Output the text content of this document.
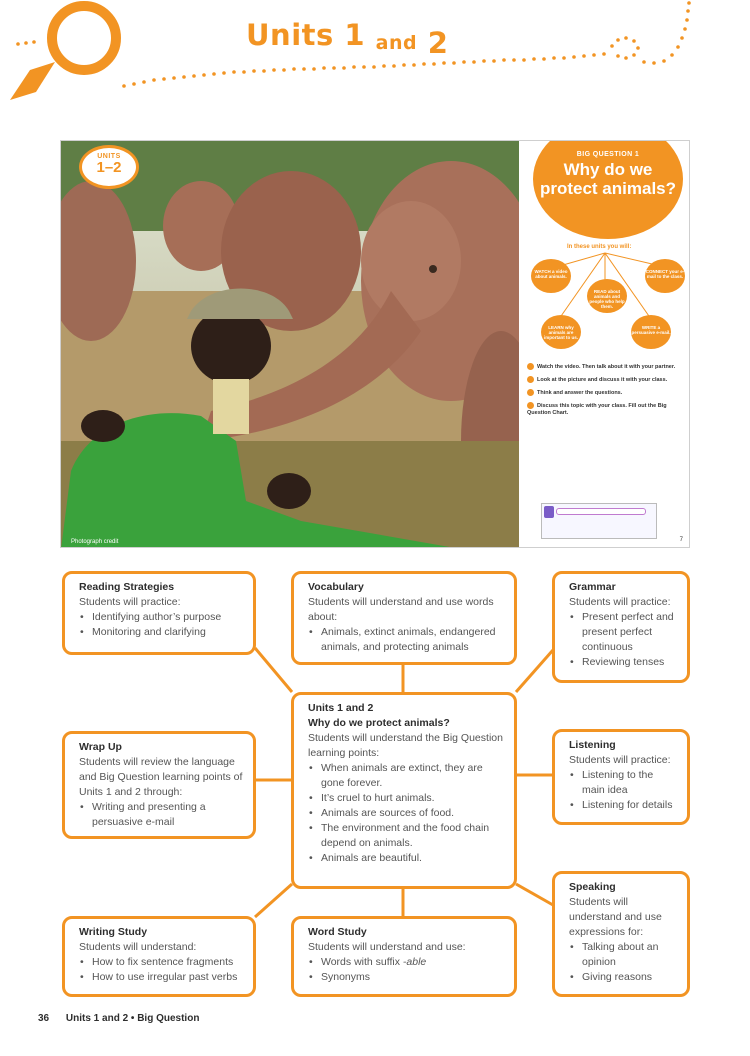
Units 1 and 2
UNITS
1–2
Photograph credit
BIG QUESTION 1
Why do we protect animals?
In these units you will:
WATCH a video about animals.
READ about animals and people who help them.
CONNECT your e-mail to the class.
LEARN why animals are important to us.
WRITE a persuasive e-mail.
Watch the video. Then talk about it with your partner.
Look at the picture and discuss it with your class.
Think and answer the questions.
Discuss this topic with your class. Fill out the Big Question Chart.
7
Reading Strategies
Students will practice:
• Identifying author’s purpose
• Monitoring and clarifying
Vocabulary
Students will understand and use words about:
• Animals, extinct animals, endangered animals, and protecting animals
Grammar
Students will practice:
• Present perfect and present perfect continuous
• Reviewing tenses
Units 1 and 2
Why do we protect animals?
Students will understand the Big Question learning points:
• When animals are extinct, they are gone forever.
• It’s cruel to hurt animals.
• Animals are sources of food.
• The environment and the food chain depend on animals.
• Animals are beautiful.
Wrap Up
Students will review the language and Big Question learning points of Units 1 and 2 through:
• Writing and presenting a persuasive e-mail
Listening
Students will practice:
• Listening to the main idea
• Listening for details
Speaking
Students will understand and use expressions for:
• Talking about an opinion
• Giving reasons
Writing Study
Students will understand:
• How to fix sentence fragments
• How to use irregular past verbs
Word Study
Students will understand and use:
• Words with suffix -able
• Synonyms
36 Units 1 and 2 • Big Question
